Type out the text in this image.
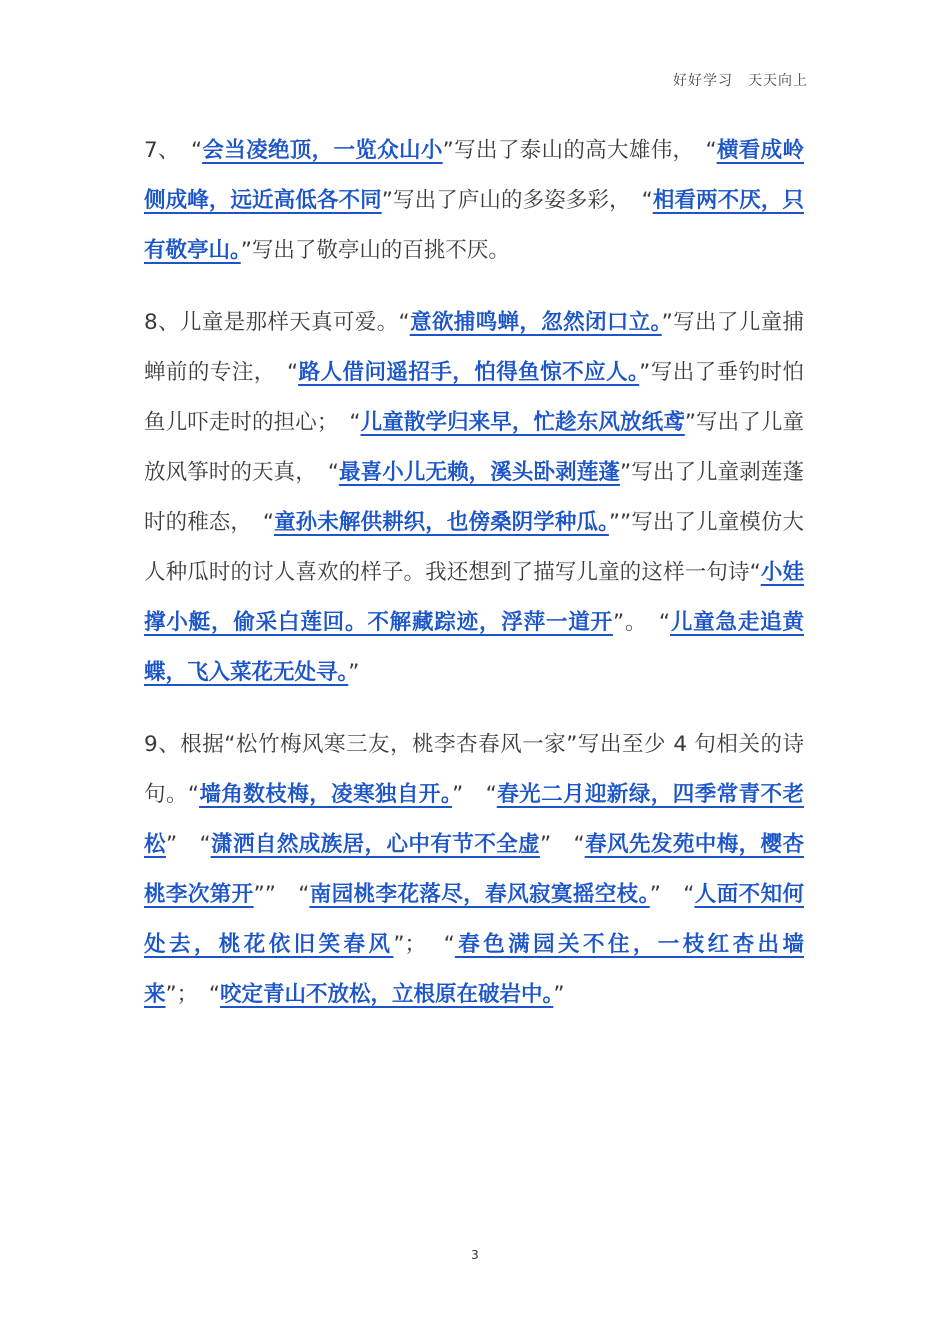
好好学习　天天向上

7、　“会当凌绝顶，一览众山小”写出了泰山的高大雄伟，　“横看成岭侧成峰，远近高低各不同”写出了庐山的多姿多彩，　“相看两不厌，只有敬亭山。”写出了敬亭山的百挑不厌。

8、儿童是那样天真可爱。“意欲捕鸣蝉，忽然闭口立。”写出了儿童捕蝉前的专注，　“路人借问遥招手，怕得鱼惊不应人。”写出了垂钓时怕鱼儿吓走时的担心；　“儿童散学归来早，忙趁东风放纸鸢”写出了儿童放风筝时的天真，　“最喜小儿无赖，溪头卧剥莲蓬”写出了儿童剥莲蓬时的稚态，　“童孙未解供耕织，也傍桑阴学种瓜。””写出了儿童模仿大人种瓜时的讨人喜欢的样子。我还想到了描写儿童的这样一句诗“小娃撑小艇，偷采白莲回。不解藏踪迹，浮萍一道开”。　“儿童急走追黄蝶，飞入菜花无处寻。”

9、根据“松竹梅风寒三友，桃李杏春风一家”写出至少 4 句相关的诗句。“墙角数枝梅，凌寒独自开。”　“春光二月迎新绿，四季常青不老松”　“潇洒自然成族居，心中有节不全虚”　“春风先发苑中梅，樱杏桃李次第开””　“南园桃李花落尽，春风寂寞摇空枝。”　“人面不知何处去，桃花依旧笑春风”；　“春色满园关不住，一枝红杏出墙来”；　“咬定青山不放松，立根原在破岩中。”

3
